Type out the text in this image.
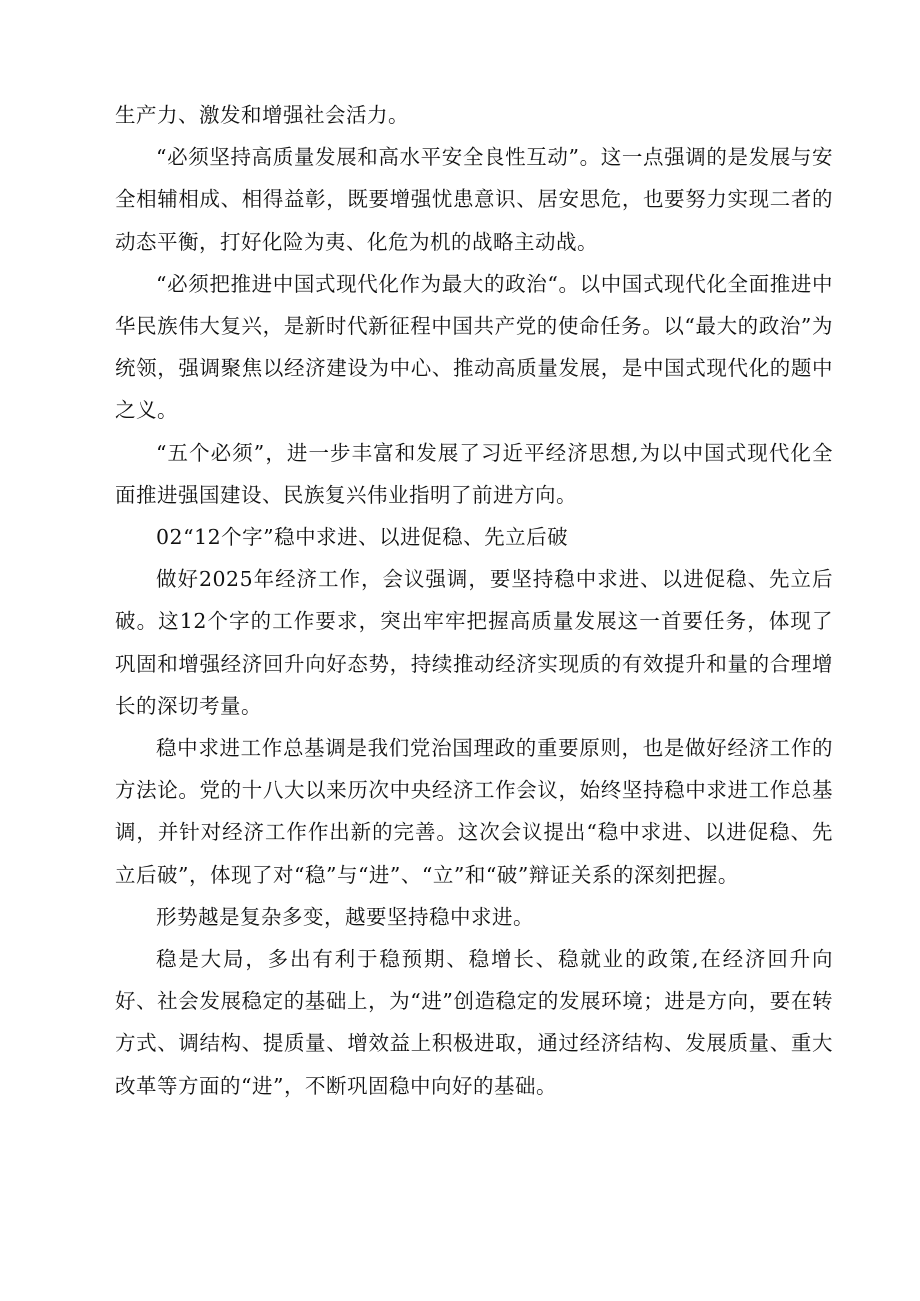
生产力、激发和增强社会活力。

“必须坚持高质量发展和高水平安全良性互动”。这一点强调的是发展与安全相辅相成、相得益彰，既要增强忧患意识、居安思危，也要努力实现二者的动态平衡，打好化险为夷、化危为机的战略主动战。

“必须把推进中国式现代化作为最大的政治“。以中国式现代化全面推进中华民族伟大复兴，是新时代新征程中国共产党的使命任务。以“最大的政治”为统领，强调聚焦以经济建设为中心、推动高质量发展，是中国式现代化的题中之义。

“五个必须”，进一步丰富和发展了习近平经济思想,为以中国式现代化全面推进强国建设、民族复兴伟业指明了前进方向。

02“12个字”稳中求进、以进促稳、先立后破

做好2025年经济工作，会议强调，要坚持稳中求进、以进促稳、先立后破。这12个字的工作要求，突出牢牢把握高质量发展这一首要任务，体现了巩固和增强经济回升向好态势，持续推动经济实现质的有效提升和量的合理增长的深切考量。

稳中求进工作总基调是我们党治国理政的重要原则，也是做好经济工作的方法论。党的十八大以来历次中央经济工作会议，始终坚持稳中求进工作总基调，并针对经济工作作出新的完善。这次会议提出“稳中求进、以进促稳、先立后破”，体现了对“稳”与“进”、“立”和“破”辩证关系的深刻把握。

形势越是复杂多变，越要坚持稳中求进。

稳是大局，多出有利于稳预期、稳增长、稳就业的政策,在经济回升向好、社会发展稳定的基础上，为“进”创造稳定的发展环境；进是方向，要在转方式、调结构、提质量、增效益上积极进取，通过经济结构、发展质量、重大改革等方面的“进”，不断巩固稳中向好的基础。
